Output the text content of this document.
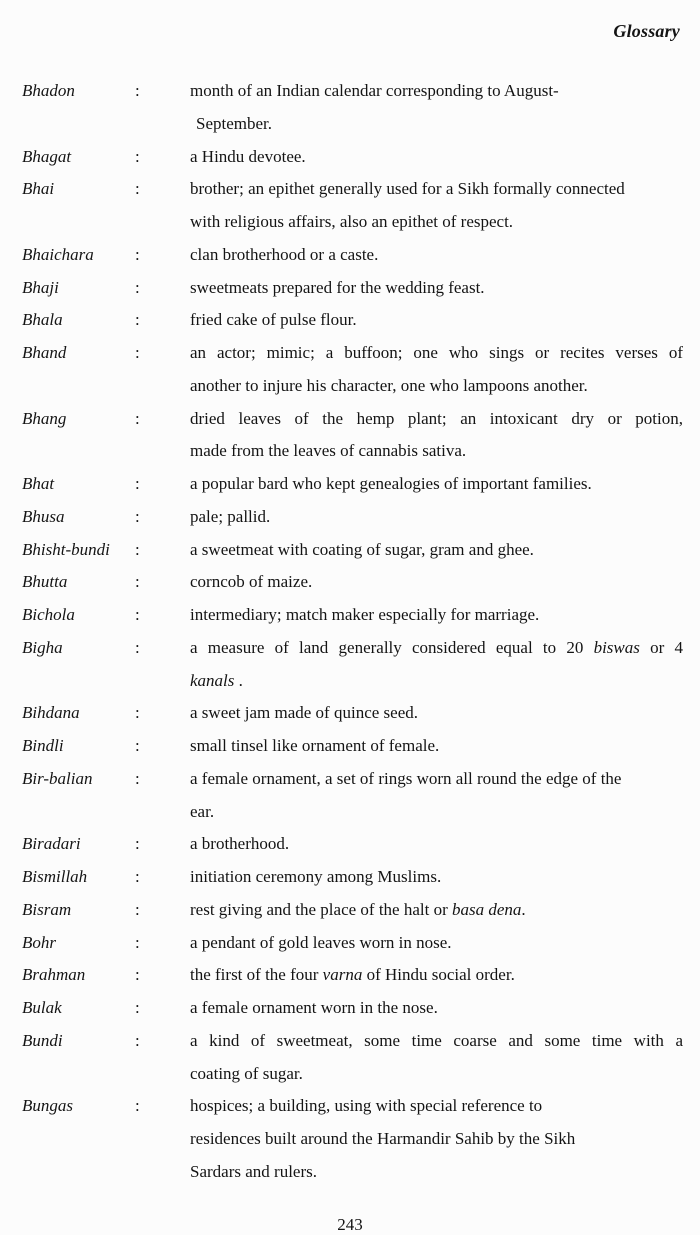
Glossary
Bhadon	:	month of an Indian calendar corresponding to August-
September.
Bhagat	:	a Hindu devotee.
Bhai	:	brother; an epithet generally used for a Sikh formally connected
with religious affairs, also an epithet of respect.
Bhaichara	:	clan brotherhood or a caste.
Bhaji	:	sweetmeats prepared for the wedding feast.
Bhala	:	fried cake of pulse flour.
Bhand	:	an actor; mimic; a buffoon; one who sings or recites verses of
another to injure his character, one who lampoons another.
Bhang	:	dried leaves of the hemp plant; an intoxicant dry or potion,
made from the leaves of cannabis sativa.
Bhat	:	a popular bard who kept genealogies of important families.
Bhusa	:	pale; pallid.
Bhisht-bundi	:	a sweetmeat with coating of sugar, gram and ghee.
Bhutta	:	corncob of maize.
Bichola	:	intermediary; match maker especially for marriage.
Bigha	:	a measure of land generally considered equal to 20 biswas or 4
kanals .
Bihdana	:	a sweet jam made of quince seed.
Bindli	:	small tinsel like ornament of female.
Bir-balian	:	a female ornament, a set of rings worn all round the edge of the
ear.
Biradari	:	a brotherhood.
Bismillah	:	initiation ceremony among Muslims.
Bisram	:	rest giving and the place of the halt or basa dena.
Bohr	:	a pendant of gold leaves worn in nose.
Brahman	:	the first of the four varna of Hindu social order.
Bulak	:	a female ornament worn in the nose.
Bundi	:	a kind of sweetmeat, some time coarse and some time with a
coating of sugar.
Bungas	:	hospices; a building, using with special reference to
residences built around the Harmandir Sahib by the Sikh
Sardars and rulers.
243
